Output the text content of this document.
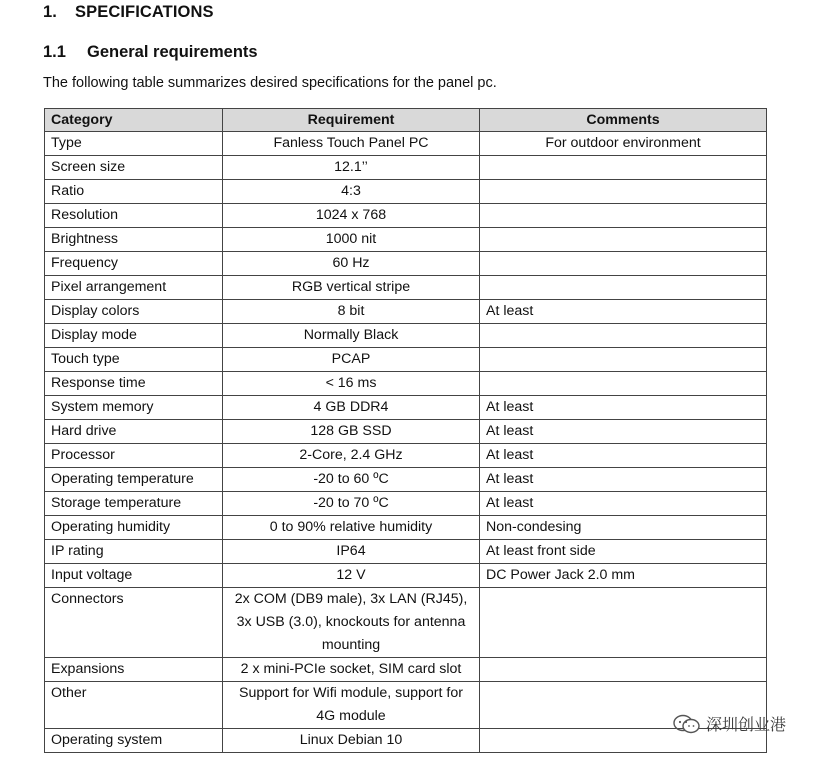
1. SPECIFICATIONS
1.1 General requirements
The following table summarizes desired specifications for the panel pc.
Category	Requirement	Comments
Type	Fanless Touch Panel PC	For outdoor environment
Screen size	12.1’’	
Ratio	4:3	
Resolution	1024 x 768	
Brightness	1000 nit	
Frequency	60 Hz	
Pixel arrangement	RGB vertical stripe	
Display colors	8 bit	At least
Display mode	Normally Black	
Touch type	PCAP	
Response time	< 16 ms	
System memory	4 GB DDR4	At least
Hard drive	128 GB SSD	At least
Processor	2-Core, 2.4 GHz	At least
Operating temperature	-20 to 60 ºC	At least
Storage temperature	-20 to 70 ºC	At least
Operating humidity	0 to 90% relative humidity	Non-condesing
IP rating	IP64	At least front side
Input voltage	12 V	DC Power Jack 2.0 mm
Connectors	2x COM (DB9 male), 3x LAN (RJ45), 3x USB (3.0), knockouts for antenna mounting	
Expansions	2 x mini-PCIe socket, SIM card slot	
Other	Support for Wifi module, support for 4G module	
Operating system	Linux Debian 10	
深圳创业港
